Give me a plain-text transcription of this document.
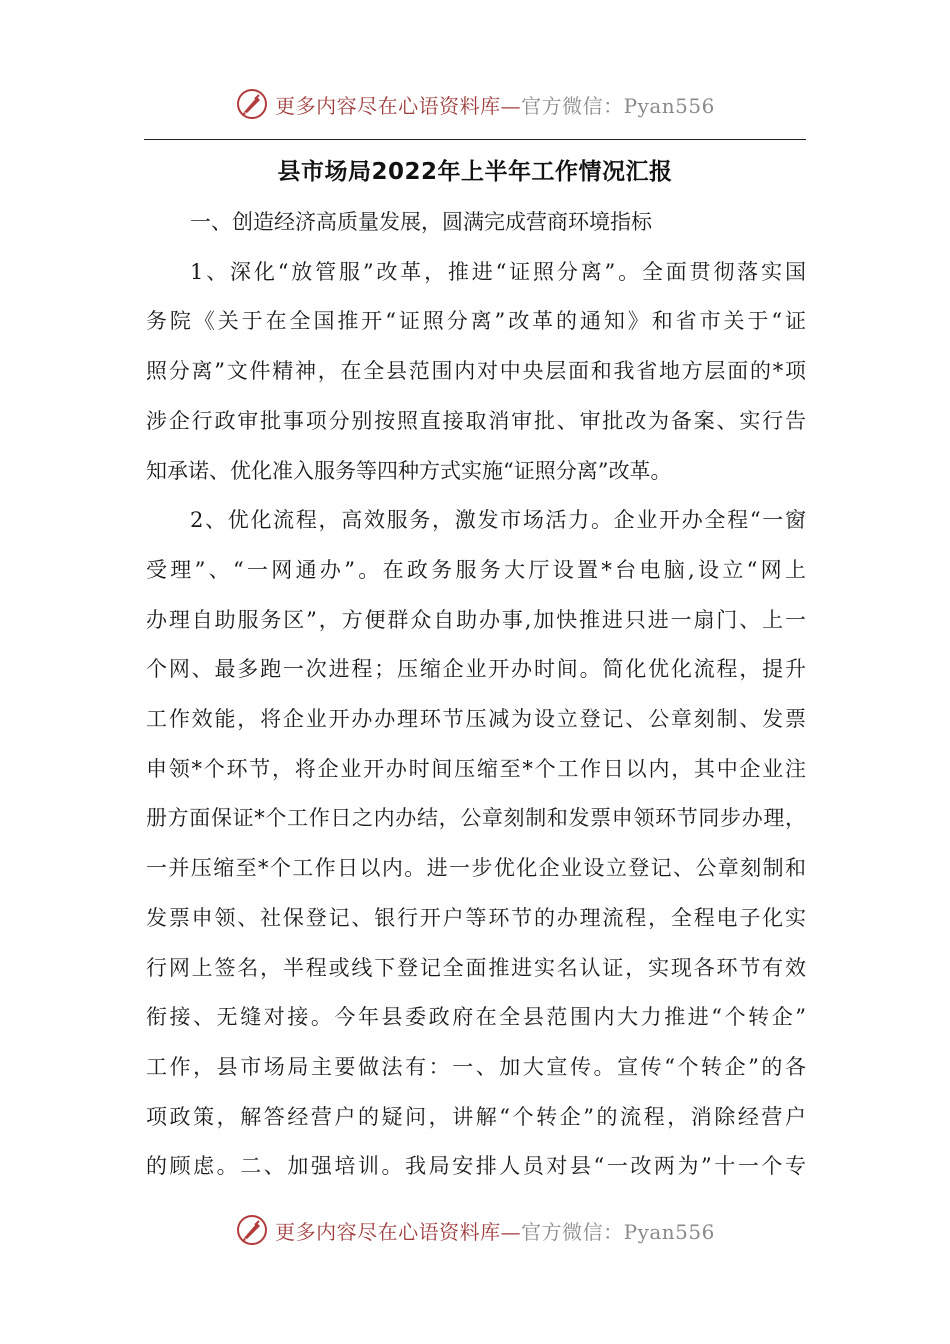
更多内容尽在心语资料库—官方微信：Pyan556
县市场局2022年上半年工作情况汇报
一、创造经济高质量发展，圆满完成营商环境指标
1、深化“放管服”改革，推进“证照分离”。全面贯彻落实国
务院《关于在全国推开“证照分离”改革的通知》和省市关于“证
照分离”文件精神，在全县范围内对中央层面和我省地方层面的*项
涉企行政审批事项分别按照直接取消审批、审批改为备案、实行告
知承诺、优化准入服务等四种方式实施“证照分离”改革。
2、优化流程，高效服务，激发市场活力。企业开办全程“一窗
受理”、“一网通办”。在政务服务大厅设置*台电脑,设立“网上
办理自助服务区”，方便群众自助办事,加快推进只进一扇门、上一
个网、最多跑一次进程；压缩企业开办时间。简化优化流程，提升
工作效能，将企业开办办理环节压减为设立登记、公章刻制、发票
申领*个环节，将企业开办时间压缩至*个工作日以内，其中企业注
册方面保证*个工作日之内办结，公章刻制和发票申领环节同步办理，
一并压缩至*个工作日以内。进一步优化企业设立登记、公章刻制和
发票申领、社保登记、银行开户等环节的办理流程，全程电子化实
行网上签名，半程或线下登记全面推进实名认证，实现各环节有效
衔接、无缝对接。今年县委政府在全县范围内大力推进“个转企”
工作，县市场局主要做法有：一、加大宣传。宣传“个转企”的各
项政策，解答经营户的疑问，讲解“个转企”的流程，消除经营户
的顾虑。二、加强培训。我局安排人员对县“一改两为”十一个专
更多内容尽在心语资料库—官方微信：Pyan556
